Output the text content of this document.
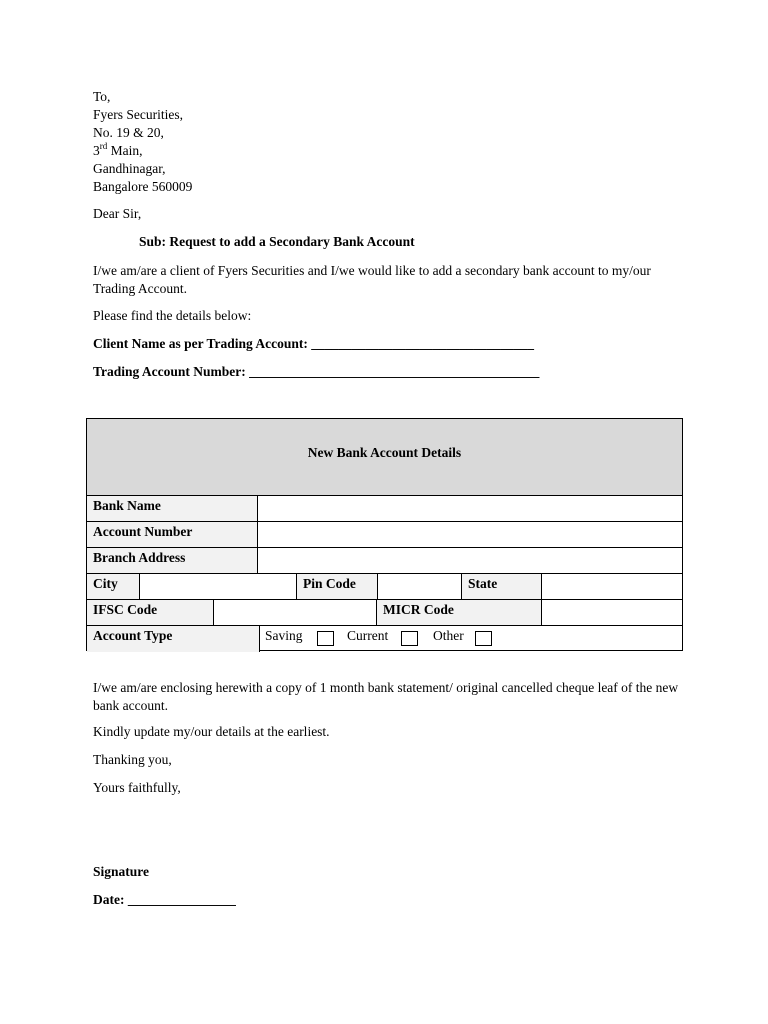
To,
Fyers Securities,
No. 19 & 20,
3rd Main,
Gandhinagar,
Bangalore 560009
Dear Sir,
Sub: Request to add a Secondary Bank Account
I/we am/are a client of Fyers Securities and I/we would like to add a secondary bank account to my/our Trading Account.
Please find the details below:
Client Name as per Trading Account: _________________________________
Trading Account Number: ___________________________________________
New Bank Account Details
Bank Name
Account Number
Branch Address
City	Pin Code	State
IFSC Code	MICR Code
Account Type	Saving	Current	Other
I/we am/are enclosing herewith a copy of 1 month bank statement/ original cancelled cheque leaf of the new bank account.
Kindly update my/our details at the earliest.
Thanking you,
Yours faithfully,
Signature
Date: ________________
